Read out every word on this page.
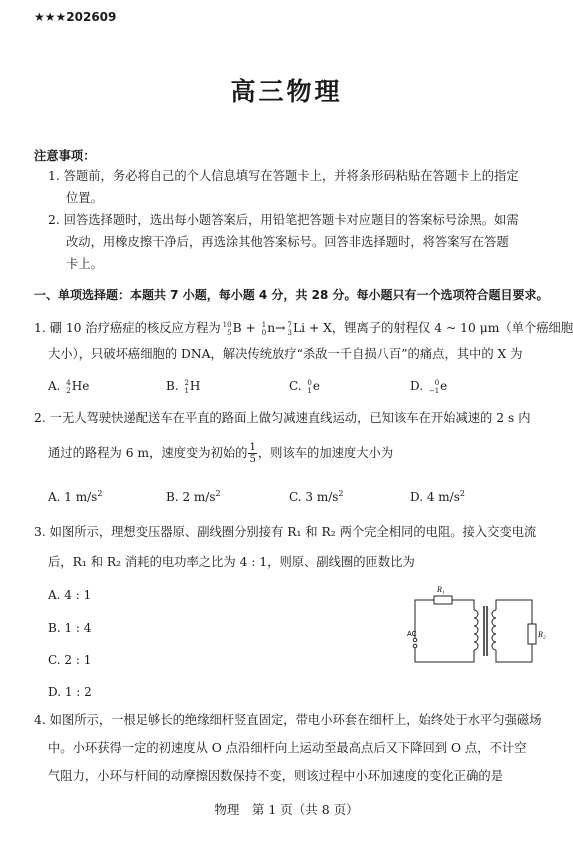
★★★202609
高三物理
注意事项：
1. 答题前，务必将自己的个人信息填写在答题卡上，并将条形码粘贴在答题卡上的指定
位置。
2. 回答选择题时，选出每小题答案后，用铅笔把答题卡对应题目的答案标号涂黑。如需
改动，用橡皮擦干净后，再选涂其他答案标号。回答非选择题时，将答案写在答题
卡上。
一、单项选择题：本题共 7 小题，每小题 4 分，共 28 分。每小题只有一个选项符合题目要求。
1. 硼 10 治疗癌症的核反应方程为 10
5B + 1
0n→ 7
3Li + X，锂离子的射程仅 4 ~ 10 μm（单个癌细胞
大小），只破坏癌细胞的 DNA，解决传统放疗“杀敌一千自损八百”的痛点，其中的 X 为
A. 4
2He	B. 2
1H	C. 0
1e	D. 0
−1e
2. 一无人驾驶快递配送车在平直的路面上做匀减速直线运动，已知该车在开始减速的 2 s 内
通过的路程为 6 m，速度变为初始的 $\frac{1}{5}$ ，则该车的加速度大小为
A. 1 $m/s^2$	B. 2 $m/s^2$	C. 3 $m/s^2$	D. 4 $m/s^2$
3. 如图所示，理想变压器原、副线圈分别接有 R₁ 和 R₂ 两个完全相同的电阻。接入交变电流
后，R₁ 和 R₂ 消耗的电功率之比为 4 : 1，则原、副线圈的匝数比为
A. 4 : 1
B. 1 : 4
C. 2 : 1
D. 1 : 2
R₁
R₂
AC
4. 如图所示，一根足够长的绝缘细杆竖直固定，带电小环套在细杆上，始终处于水平匀强磁场
中。小环获得一定的初速度从 O 点沿细杆向上运动至最高点后又下降回到 O 点，不计空
气阻力，小环与杆间的动摩擦因数保持不变，则该过程中小环加速度的变化正确的是
物理　第 1 页（共 8 页）
